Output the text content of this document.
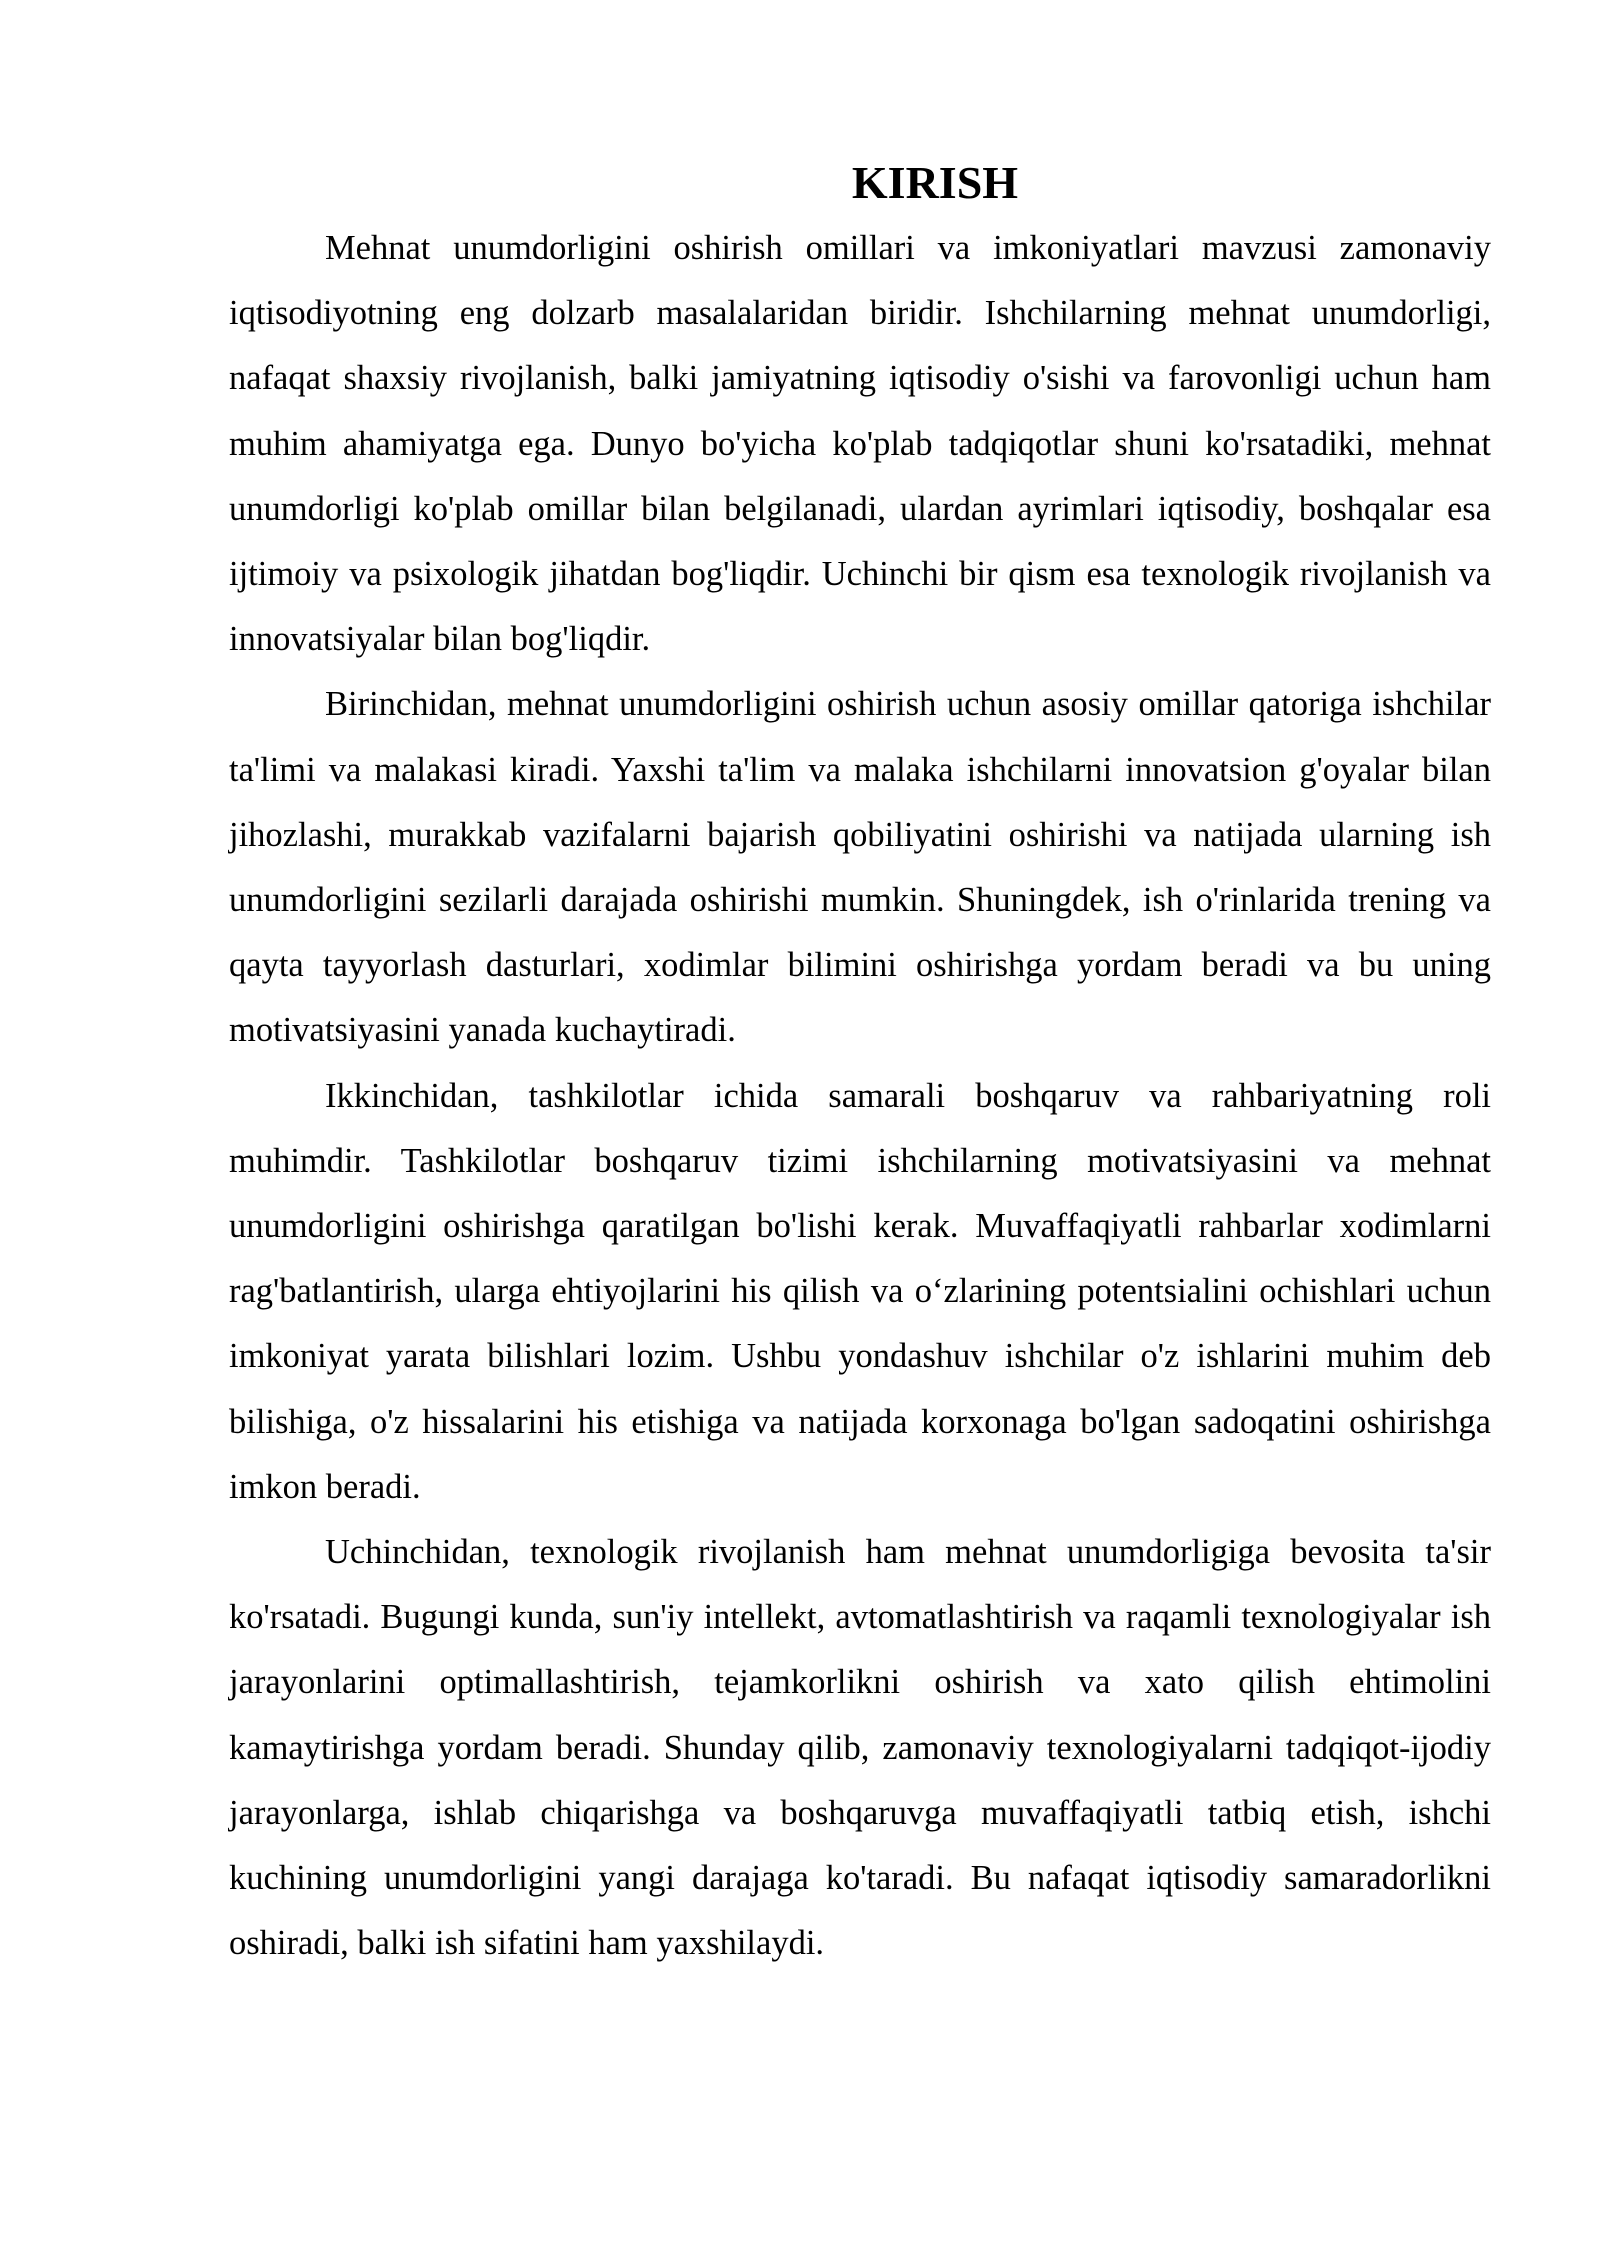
KIRISH

Mehnat unumdorligini oshirish omillari va imkoniyatlari mavzusi zamonaviy iqtisodiyotning eng dolzarb masalalaridan biridir. Ishchilarning mehnat unumdorligi, nafaqat shaxsiy rivojlanish, balki jamiyatning iqtisodiy o'sishi va farovonligi uchun ham muhim ahamiyatga ega. Dunyo bo'yicha ko'plab tadqiqotlar shuni ko'rsatadiki, mehnat unumdorligi ko'plab omillar bilan belgilanadi, ulardan ayrimlari iqtisodiy, boshqalar esa ijtimoiy va psixologik jihatdan bog'liqdir. Uchinchi bir qism esa texnologik rivojlanish va innovatsiyalar bilan bog'liqdir.

Birinchidan, mehnat unumdorligini oshirish uchun asosiy omillar qatoriga ishchilar ta'limi va malakasi kiradi. Yaxshi ta'lim va malaka ishchilarni innovatsion g'oyalar bilan jihozlashi, murakkab vazifalarni bajarish qobiliyatini oshirishi va natijada ularning ish unumdorligini sezilarli darajada oshirishi mumkin. Shuningdek, ish o'rinlarida trening va qayta tayyorlash dasturlari, xodimlar bilimini oshirishga yordam beradi va bu uning motivatsiyasini yanada kuchaytiradi.

Ikkinchidan, tashkilotlar ichida samarali boshqaruv va rahbariyatning roli muhimdir. Tashkilotlar boshqaruv tizimi ishchilarning motivatsiyasini va mehnat unumdorligini oshirishga qaratilgan bo'lishi kerak. Muvaffaqiyatli rahbarlar xodimlarni rag'batlantirish, ularga ehtiyojlarini his qilish va o‘zlarining potentsialini ochishlari uchun imkoniyat yarata bilishlari lozim. Ushbu yondashuv ishchilar o'z ishlarini muhim deb bilishiga, o'z hissalarini his etishiga va natijada korxonaga bo'lgan sadoqatini oshirishga imkon beradi.

Uchinchidan, texnologik rivojlanish ham mehnat unumdorligiga bevosita ta'sir ko'rsatadi. Bugungi kunda, sun'iy intellekt, avtomatlashtirish va raqamli texnologiyalar ish jarayonlarini optimallashtirish, tejamkorlikni oshirish va xato qilish ehtimolini kamaytirishga yordam beradi. Shunday qilib, zamonaviy texnologiyalarni tadqiqot-ijodiy jarayonlarga, ishlab chiqarishga va boshqaruvga muvaffaqiyatli tatbiq etish, ishchi kuchining unumdorligini yangi darajaga ko'taradi. Bu nafaqat iqtisodiy samaradorlikni oshiradi, balki ish sifatini ham yaxshilaydi.
